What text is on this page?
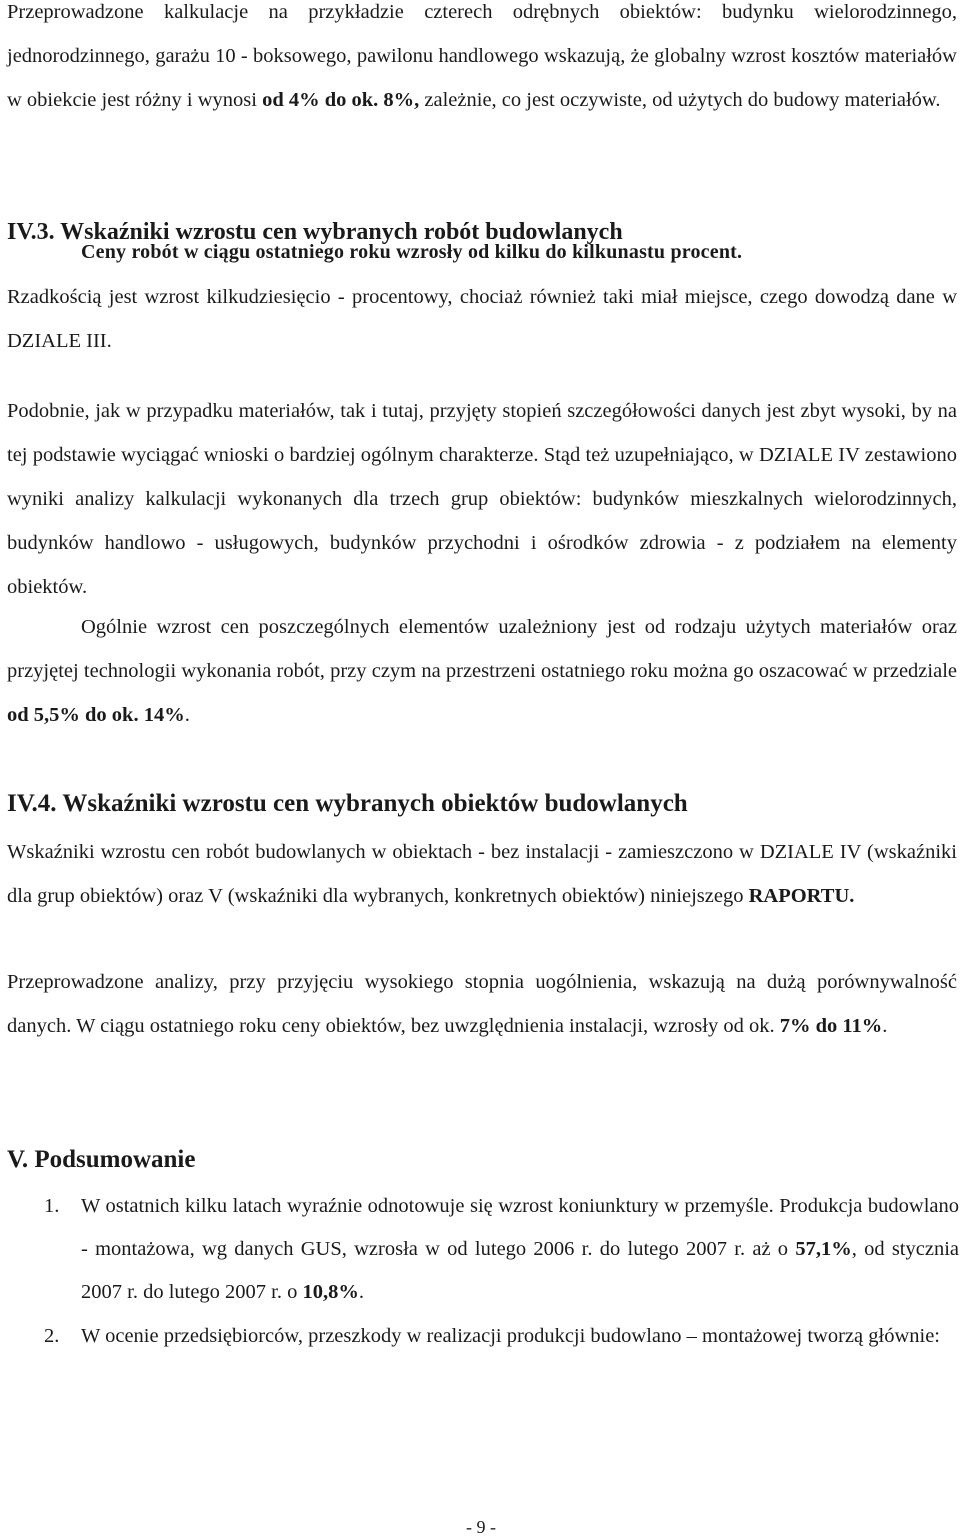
Przeprowadzone kalkulacje na przykładzie czterech odrębnych obiektów: budynku wielorodzinnego, jednorodzinnego, garażu 10 - boksowego, pawilonu handlowego wskazują, że globalny wzrost kosztów materiałów w obiekcie jest różny i wynosi od 4% do ok. 8%, zależnie, co jest oczywiste, od użytych do budowy materiałów.

IV.3. Wskaźniki wzrostu cen wybranych robót budowlanych

Ceny robót w ciągu ostatniego roku wzrosły od kilku do kilkunastu procent.

Rzadkością jest wzrost kilkudziesięcio - procentowy, chociaż również taki miał miejsce, czego dowodzą dane w DZIALE III.

Podobnie, jak w przypadku materiałów, tak i tutaj, przyjęty stopień szczegółowości danych jest zbyt wysoki, by na tej podstawie wyciągać wnioski o bardziej ogólnym charakterze. Stąd też uzupełniająco, w DZIALE IV zestawiono wyniki analizy kalkulacji wykonanych dla trzech grup obiektów: budynków mieszkalnych wielorodzinnych, budynków handlowo - usługowych, budynków przychodni i ośrodków zdrowia - z podziałem na elementy obiektów.

Ogólnie wzrost cen poszczególnych elementów uzależniony jest od rodzaju użytych materiałów oraz przyjętej technologii wykonania robót, przy czym na przestrzeni ostatniego roku można go oszacować w przedziale od 5,5% do ok. 14%.

IV.4. Wskaźniki wzrostu cen wybranych obiektów budowlanych

Wskaźniki wzrostu cen robót budowlanych w obiektach - bez instalacji - zamieszczono w DZIALE IV (wskaźniki dla grup obiektów) oraz V (wskaźniki dla wybranych, konkretnych obiektów) niniejszego RAPORTU.

Przeprowadzone analizy, przy przyjęciu wysokiego stopnia uogólnienia, wskazują na dużą porównywalność danych. W ciągu ostatniego roku ceny obiektów, bez uwzględnienia instalacji, wzrosły od ok. 7% do 11%.

V. Podsumowanie
1. W ostatnich kilku latach wyraźnie odnotowuje się wzrost koniunktury w przemyśle. Produkcja budowlano - montażowa, wg danych GUS, wzrosła w od lutego 2006 r. do lutego 2007 r. aż o 57,1%, od stycznia 2007 r. do lutego 2007 r. o 10,8%.

2. W ocenie przedsiębiorców, przeszkody w realizacji produkcji budowlano – montażowej tworzą głównie:

- 9 -
